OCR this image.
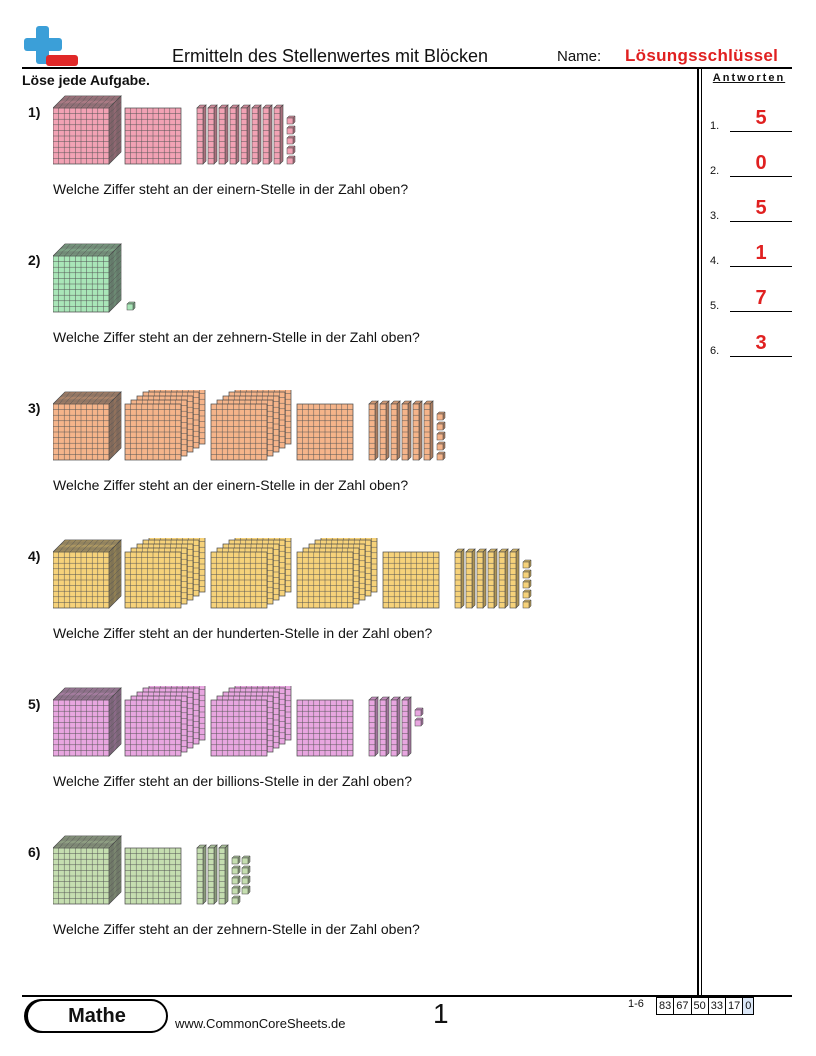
Ermitteln des Stellenwertes mit Blöcken	Name: Lösungsschlüssel
Löse jede Aufgabe.	Antworten
1.	5
2.	0
3.	5
4.	1
5.	7
6.	3
1)
Welche Ziffer steht an der einern-Stelle in der Zahl oben?
2)
Welche Ziffer steht an der zehnern-Stelle in der Zahl oben?
3)
Welche Ziffer steht an der einern-Stelle in der Zahl oben?
4)
Welche Ziffer steht an der hunderten-Stelle in der Zahl oben?
5)
Welche Ziffer steht an der billions-Stelle in der Zahl oben?
6)
Welche Ziffer steht an der zehnern-Stelle in der Zahl oben?
Mathe	www.CommonCoreSheets.de	1	1-6 83 67 50 33 17 0
